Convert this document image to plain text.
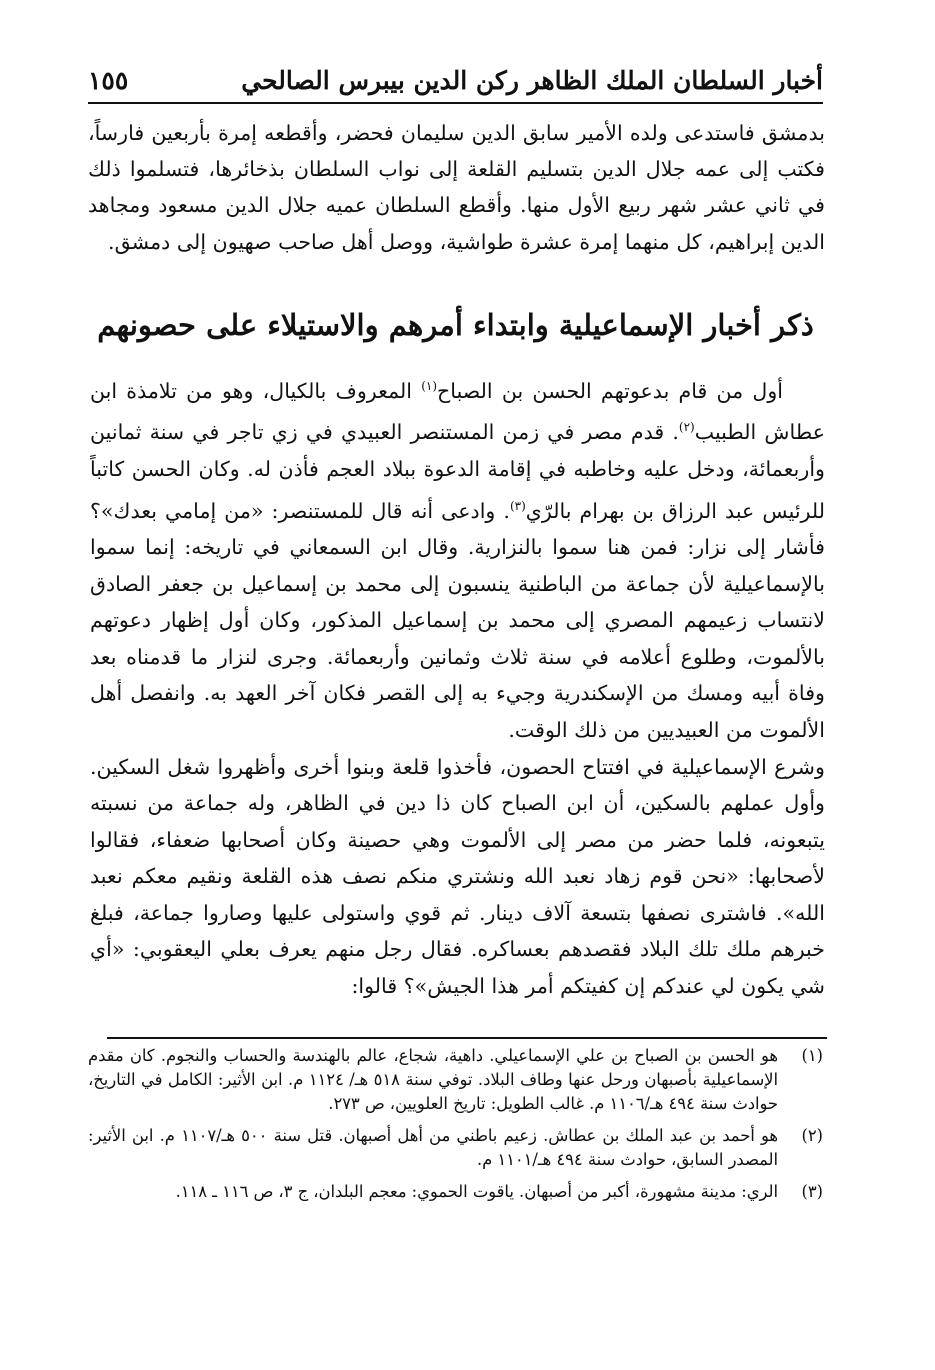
أخبار السلطان الملك الظاهر ركن الدين بيبرس الصالحي
١٥٥

بدمشق فاستدعى ولده الأمير سابق الدين سليمان فحضر، وأقطعه إمرة بأربعين فارساً، فكتب إلى عمه جلال الدين بتسليم القلعة إلى نواب السلطان بذخائرها، فتسلموا ذلك في ثاني عشر شهر ربيع الأول منها. وأقطع السلطان عميه جلال الدين مسعود ومجاهد الدين إبراهيم، كل منهما إمرة عشرة طواشية، ووصل أهل صاحب صهيون إلى دمشق.

ذكر أخبار الإسماعيلية وابتداء أمرهم والاستيلاء على حصونهم

أول من قام بدعوتهم الحسن بن الصباح$^{(١)}$ المعروف بالكيال، وهو من تلامذة ابن عطاش الطبيب$^{(٢)}$. قدم مصر في زمن المستنصر العبيدي في زي تاجر في سنة ثمانين وأربعمائة، ودخل عليه وخاطبه في إقامة الدعوة ببلاد العجم فأذن له. وكان الحسن كاتباً للرئيس عبد الرزاق بن بهرام بالرّي$^{(٣)}$. وادعى أنه قال للمستنصر: «من إمامي بعدك»؟ فأشار إلى نزار: فمن هنا سموا بالنزارية. وقال ابن السمعاني في تاريخه: إنما سموا بالإسماعيلية لأن جماعة من الباطنية ينسبون إلى محمد بن إسماعيل بن جعفر الصادق لانتساب زعيمهم المصري إلى محمد بن إسماعيل المذكور، وكان أول إظهار دعوتهم بالألموت، وطلوع أعلامه في سنة ثلاث وثمانين وأربعمائة. وجرى لنزار ما قدمناه بعد وفاة أبيه ومسك من الإسكندرية وجيء به إلى القصر فكان آخر العهد به. وانفصل أهل الألموت من العبيديين من ذلك الوقت.

وشرع الإسماعيلية في افتتاح الحصون، فأخذوا قلعة وبنوا أخرى وأظهروا شغل السكين. وأول عملهم بالسكين، أن ابن الصباح كان ذا دين في الظاهر، وله جماعة من نسبته يتبعونه، فلما حضر من مصر إلى الألموت وهي حصينة وكان أصحابها ضعفاء، فقالوا لأصحابها: «نحن قوم زهاد نعبد الله ونشتري منكم نصف هذه القلعة ونقيم معكم نعبد الله». فاشترى نصفها بتسعة آلاف دينار. ثم قوي واستولى عليها وصاروا جماعة، فبلغ خبرهم ملك تلك البلاد فقصدهم بعساكره. فقال رجل منهم يعرف بعلي اليعقوبي: «أي شي يكون لي عندكم إن كفيتكم أمر هذا الجيش»؟ قالوا:

(١)
هو الحسن بن الصباح بن علي الإسماعيلي. داهية، شجاع، عالم بالهندسة والحساب والنجوم. كان مقدم الإسماعيلية بأصبهان ورحل عنها وطاف البلاد. توفي سنة ٥١٨ هـ/ ١١٢٤ م. ابن الأثير: الكامل في التاريخ، حوادث سنة ٤٩٤ هـ/١١٠٦ م. غالب الطويل: تاريخ العلويين، ص ٢٧٣.
(٢)
هو أحمد بن عبد الملك بن عطاش. زعيم باطني من أهل أصبهان. قتل سنة ٥٠٠ هـ/١١٠٧ م. ابن الأثير: المصدر السابق، حوادث سنة ٤٩٤ هـ/١١٠١ م.
(٣)
الري: مدينة مشهورة، أكبر من أصبهان. ياقوت الحموي: معجم البلدان، ج ٣، ص ١١٦ ـ ١١٨.
